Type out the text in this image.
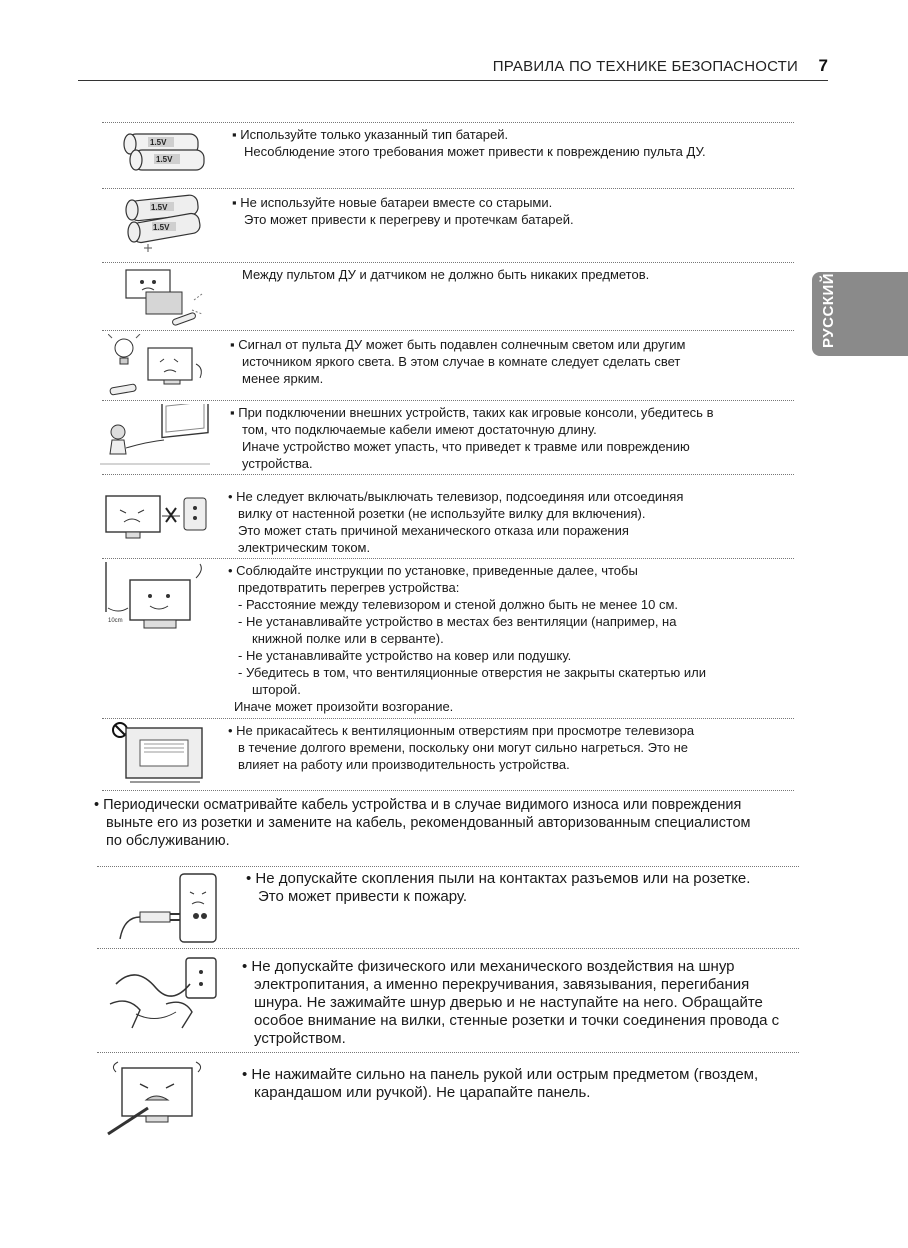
ПРАВИЛА ПО ТЕХНИКЕ БЕЗОПАСНОСТИ 7
РУССКИЙ
1.5V
1.5V

▪ Используйте только указанный тип батарей.

Несоблюдение этого требования может привести к повреждению пульта ДУ.

1.5V
1.5V

▪ Не используйте новые батареи вместе со старыми.

Это может привести к перегреву и протечкам батарей.

Между пультом ДУ и датчиком не должно быть никаких предметов.

▪ Сигнал от пульта ДУ может быть подавлен солнечным светом или другим

источником яркого света. В этом случае в комнате следует сделать свет

менее ярким.

▪ При подключении внешних устройств, таких как игровые консоли, убедитесь в

том, что подключаемые кабели имеют достаточную длину.

Иначе устройство может упасть, что приведет к травме или повреждению

устройства.

• Не следует включать/выключать телевизор, подсоединяя или отсоединяя

вилку от настенной розетки (не используйте вилку для включения).

Это может стать причиной механического отказа или поражения

электрическим током.

10cm

• Соблюдайте инструкции по установке, приведенные далее, чтобы

предотвратить перегрев устройства:

- Расстояние между телевизором и стеной должно быть не менее 10 см.

- Не устанавливайте устройство в местах без вентиляции (например, на

книжной полке или в серванте).

- Не устанавливайте устройство на ковер или подушку.

- Убедитесь в том, что вентиляционные отверстия не закрыты скатертью или

шторой.

Иначе может произойти возгорание.

• Не прикасайтесь к вентиляционным отверстиям при просмотре телевизора

в течение долгого времени, поскольку они могут сильно нагреться. Это не

влияет на работу или производительность устройства.

• Периодически осматривайте кабель устройства и в случае видимого износа или повреждения

выньте его из розетки и замените на кабель, рекомендованный авторизованным специалистом

по обслуживанию.

• Не допускайте скопления пыли на контактах разъемов или на розетке.

Это может привести к пожару.

• Не допускайте физического или механического воздействия на шнур

электропитания, а именно перекручивания, завязывания, перегибания

шнура. Не зажимайте шнур дверью и не наступайте на него. Обращайте

особое внимание на вилки, стенные розетки и точки соединения провода с

устройством.

• Не нажимайте сильно на панель рукой или острым предметом (гвоздем,

карандашом или ручкой). Не царапайте панель.
